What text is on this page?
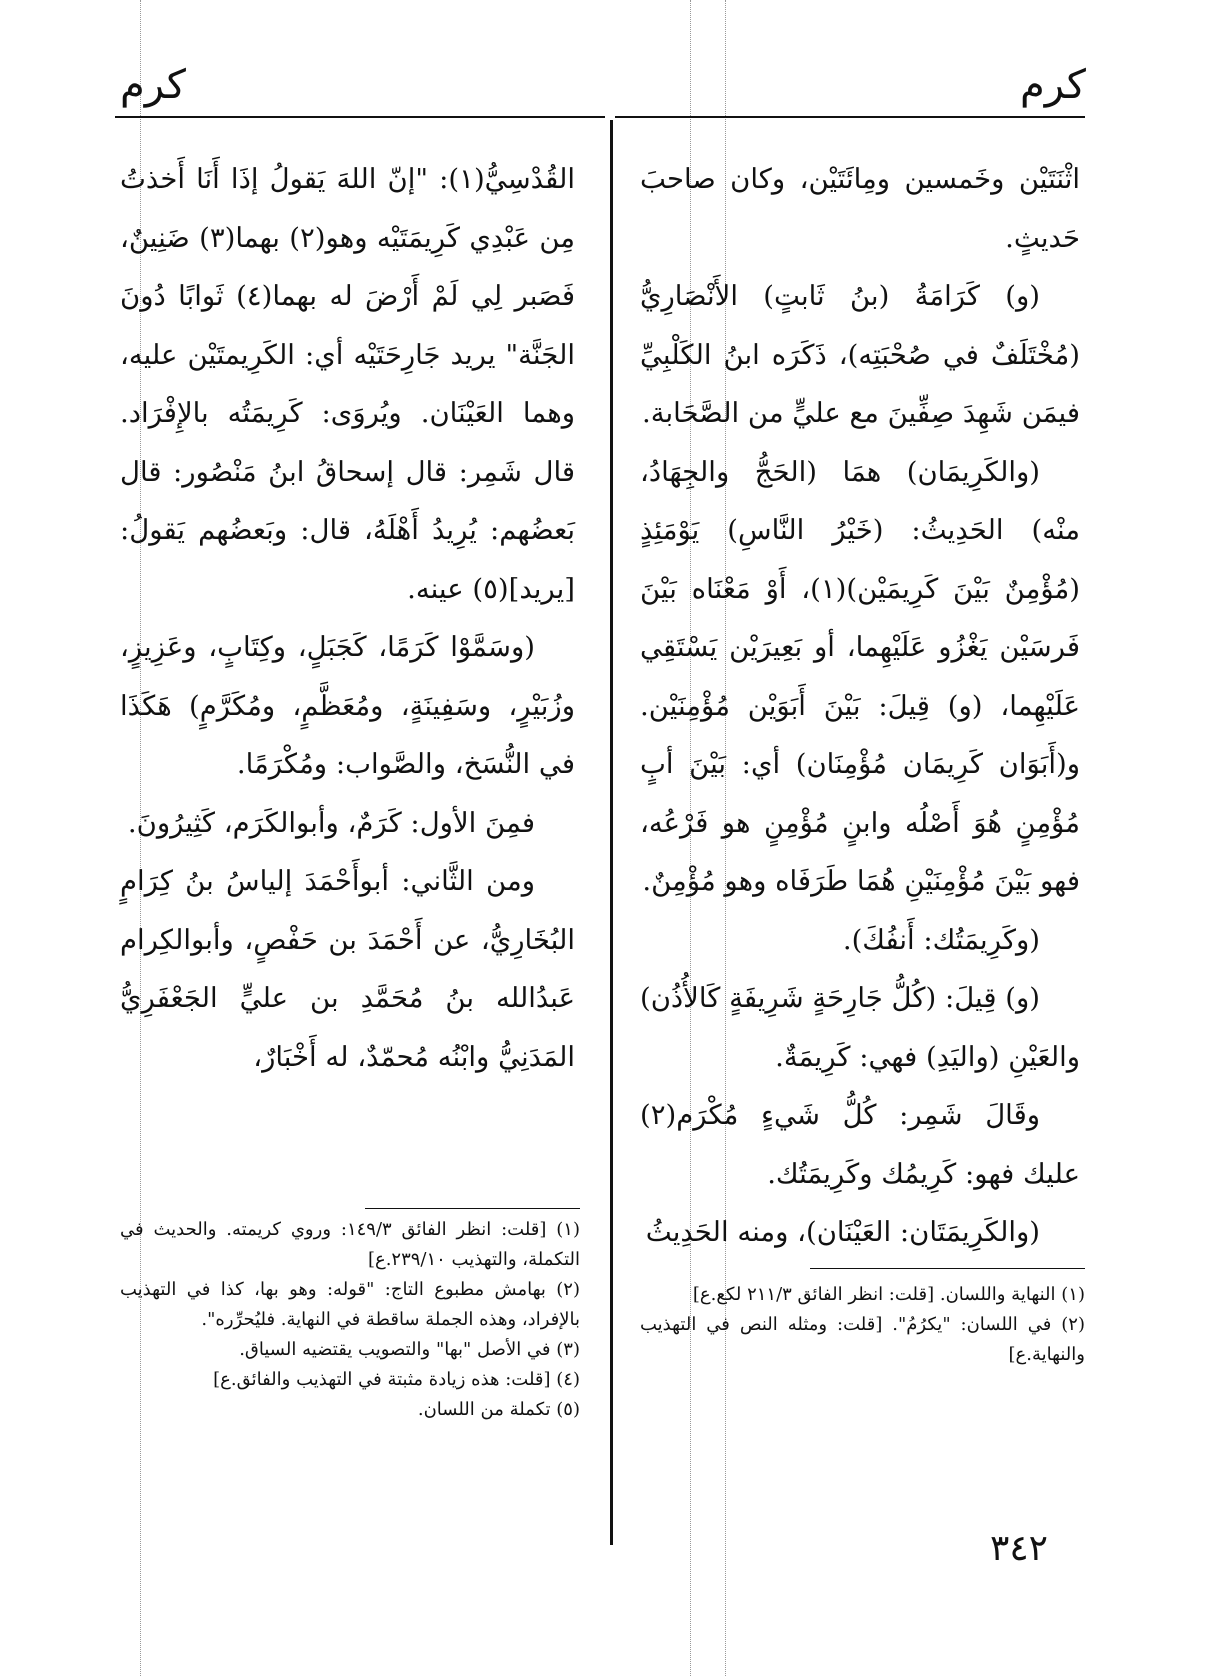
كرم	كرم

اثْنَتَيْن وخَمسين ومِائَتَيْن، وكان صاحبَ حَديثٍ.

(و) كَرَامَةُ (بنُ ثَابتٍ) الأَنْصَارِيُّ (مُخْتَلَفٌ في صُحْبَتِه)، ذَكَرَه ابنُ الكَلْبِيِّ فيمَن شَهِدَ صِفِّينَ مع عليٍّ من الصَّحَابة.

(والكَرِيمَان) همَا (الحَجُّ والجِهَادُ، منْه) الحَدِيثُ: (خَيْرُ النَّاسِ) يَوْمَئِذٍ (مُؤْمِنٌ بَيْنَ كَرِيمَيْن)(١)، أَوْ مَعْنَاه بَيْنَ فَرسَيْن يَغْزُو عَلَيْهِما، أو بَعِيرَيْن يَسْتَقِي عَلَيْهِما، (و) قِيلَ: بَيْنَ أَبَوَيْن مُؤْمِنَيْن. و(أَبَوَان كَرِيمَان مُؤْمِنَان) أي: بَيْنَ أبٍ مُؤْمِنٍ هُوَ أَصْلُه وابنٍ مُؤْمِنٍ هو فَرْعُه، فهو بَيْنَ مُؤْمِنَيْنِ هُمَا طَرَفَاه وهو مُؤْمِنٌ.

(وكَرِيمَتُك: أَنفُكَ).

(و) قِيلَ: (كُلُّ جَارِحَةٍ شَرِيفَةٍ كَالأُذُن) والعَيْنِ (واليَدِ) فهي: كَرِيمَةٌ.

وقَالَ شَمِر: كُلُّ شَيءٍ مُكْرَم(٢) عليك فهو: كَرِيمُك وكَرِيمَتُك.

(والكَرِيمَتَان: العَيْنَان)، ومنه الحَدِيثُ

القُدْسِيُّ(١): "إنّ اللهَ يَقولُ إذَا أَنَا أَخذتُ مِن عَبْدِي كَرِيمَتَيْه وهو(٢) بهما(٣) ضَنِينٌ، فَصَبر لِي لَمْ أَرْضَ له بهما(٤) ثَوابًا دُونَ الجَنَّة" يريد جَارِحَتَيْه أي: الكَرِيمتَيْن عليه، وهما العَيْنَان. ويُروَى: كَرِيمَتُه بالإِفْرَاد. قال شَمِر: قال إسحاقُ ابنُ مَنْصُور: قال بَعضُهم: يُرِيدُ أَهْلَهُ، قال: وبَعضُهم يَقولُ: [يريد](٥) عينه.

(وسَمَّوْا كَرَمًا، كَجَبَلٍ، وكِتَابٍ، وعَزِيزٍ، وزُبَيْرٍ، وسَفِينَةٍ، ومُعَظَّمٍ، ومُكَرَّمٍ) هَكَذَا في النُّسَخ، والصَّواب: ومُكْرَمًا.

فمِنَ الأول: كَرَمٌ، وأبوالكَرَم، كَثِيرُونَ.

ومن الثَّاني: أبوأَحْمَدَ إلياسُ بنُ كِرَامٍ البُخَارِيُّ، عن أَحْمَدَ بن حَفْصٍ، وأبوالكِرام عَبدُالله بنُ مُحَمَّدِ بن عليٍّ الجَعْفَرِيُّ المَدَنِيُّ وابْنُه مُحمّدٌ، له أَخْبَارٌ،

(١) [قلت: انظر الفائق ١٤٩/٣: وروي كريمته. والحديث في التكملة، والتهذيب ٢٣٩/١٠.ع]

(٢) بهامش مطبوع التاج: "قوله: وهو بها، كذا في التهذيب بالإفراد، وهذه الجملة ساقطة في النهاية. فليُحرِّره".

(٣) في الأصل "بها" والتصويب يقتضيه السياق.

(٤) [قلت: هذه زيادة مثبتة في التهذيب والفائق.ع]

(٥) تكملة من اللسان.

(١) النهاية واللسان. [قلت: انظر الفائق ٢١١/٣ لكع.ع]

(٢) في اللسان: "يكرُمُ". [قلت: ومثله النص في التهذيب والنهاية.ع]

٣٤٢
